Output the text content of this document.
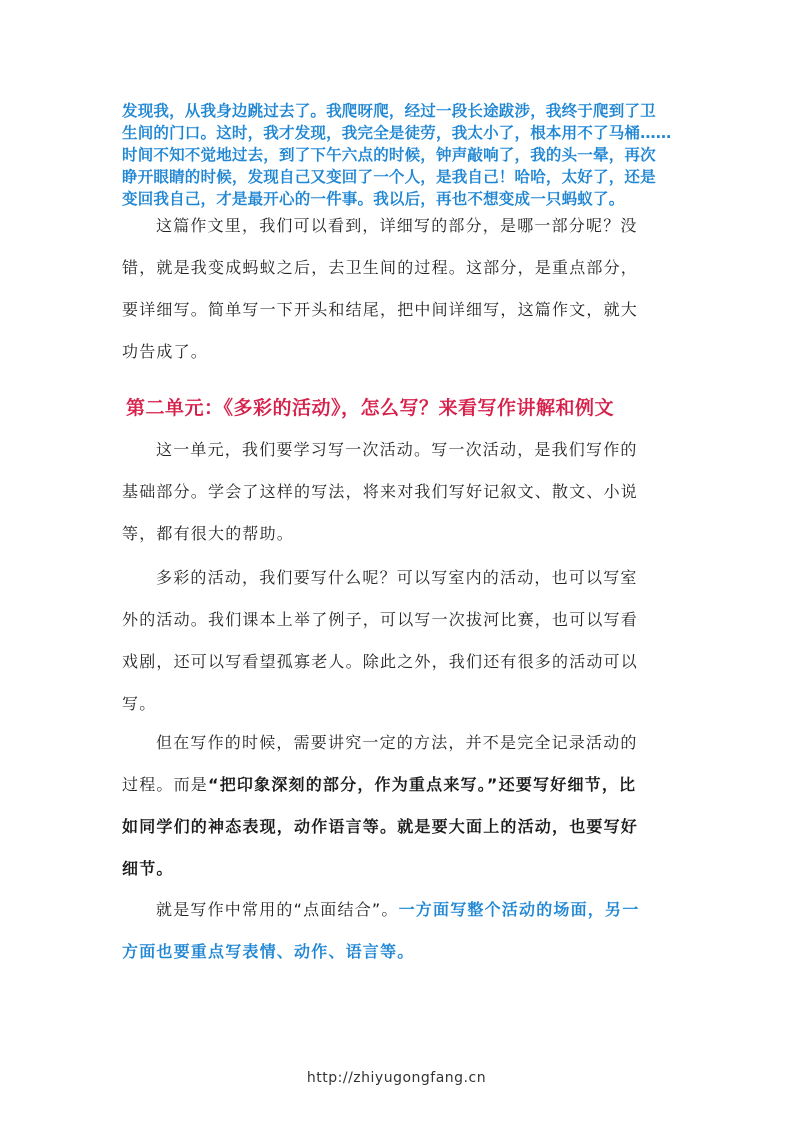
发现我，从我身边跳过去了。我爬呀爬，经过一段长途跋涉，我终于爬到了卫
生间的门口。这时，我才发现，我完全是徒劳，我太小了，根本用不了马桶……
时间不知不觉地过去，到了下午六点的时候，钟声敲响了，我的头一晕，再次
睁开眼睛的时候，发现自己又变回了一个人，是我自己！哈哈，太好了，还是
变回我自己，才是最开心的一件事。我以后，再也不想变成一只蚂蚁了。
这篇作文里，我们可以看到，详细写的部分，是哪一部分呢？没
错，就是我变成蚂蚁之后，去卫生间的过程。这部分，是重点部分，
要详细写。简单写一下开头和结尾，把中间详细写，这篇作文，就大
功告成了。
第二单元：《多彩的活动》，怎么写？来看写作讲解和例文
这一单元，我们要学习写一次活动。写一次活动，是我们写作的
基础部分。学会了这样的写法，将来对我们写好记叙文、散文、小说
等，都有很大的帮助。
多彩的活动，我们要写什么呢？可以写室内的活动，也可以写室
外的活动。我们课本上举了例子，可以写一次拔河比赛，也可以写看
戏剧，还可以写看望孤寡老人。除此之外，我们还有很多的活动可以
写。
但在写作的时候，需要讲究一定的方法，并不是完全记录活动的
过程。而是“把印象深刻的部分，作为重点来写。”还要写好细节，比
如同学们的神态表现，动作语言等。就是要大面上的活动，也要写好
细节。
就是写作中常用的“点面结合”。一方面写整个活动的场面，另一
方面也要重点写表情、动作、语言等。
http://zhiyugongfang.cn
